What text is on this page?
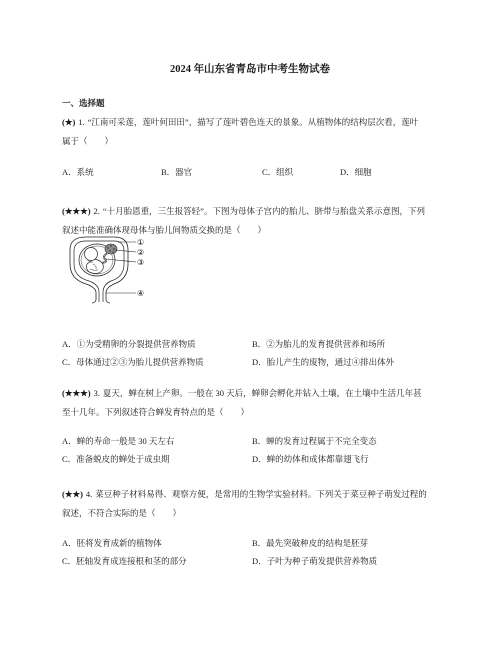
2024 年山东省青岛市中考生物试卷
一、选择题
(★) 1. “江南可采莲，莲叶何田田”，描写了莲叶碧色连天的景象。从植物体的结构层次看，莲叶
属于（　　）
A．系统	B．器官	C．组织	D．细胞
(★★★) 2. “十月胎恩重，三生报答轻”。下图为母体子宫内的胎儿、脐带与胎盘关系示意图，下列
叙述中能准确体现母体与胎儿间物质交换的是（　　）
①
②
③
④
A．①为受精卵的分裂提供营养物质	B．②为胎儿的发育提供营养和场所
C．母体通过②③为胎儿提供营养物质	D．胎儿产生的废物，通过④排出体外
(★★★) 3. 夏天，蝉在树上产卵。一般在 30 天后，蝉卵会孵化并钻入土壤，在土壤中生活几年甚
至十几年。下列叙述符合蝉发育特点的是（　　）
A．蝉的寿命一般是 30 天左右	B．蝉的发育过程属于不完全变态
C．准备蜕皮的蝉处于成虫期	D．蝉的幼体和成体都靠翅飞行
(★★) 4. 菜豆种子材料易得、观察方便，是常用的生物学实验材料。下列关于菜豆种子萌发过程的
叙述，不符合实际的是（　　）
A．胚将发育成新的植物体	B．最先突破种皮的结构是胚芽
C．胚轴发育成连接根和茎的部分	D．子叶为种子萌发提供营养物质
